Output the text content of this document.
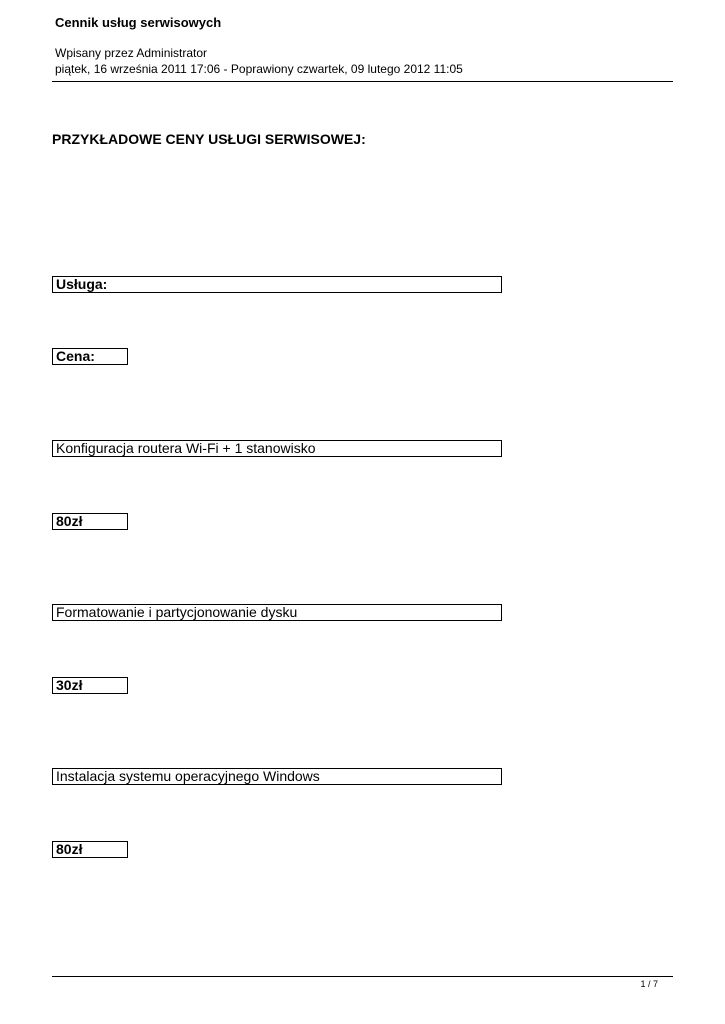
Cennik usług serwisowych
Wpisany przez Administrator
piątek, 16 września 2011 17:06 - Poprawiony czwartek, 09 lutego 2012 11:05
PRZYKŁADOWE CENY USŁUGI SERWISOWEJ:
Usługa:
Cena:
Konfiguracja routera Wi-Fi + 1 stanowisko
80zł
Formatowanie i partycjonowanie dysku
30zł
Instalacja systemu operacyjnego Windows
80zł
1 / 7
